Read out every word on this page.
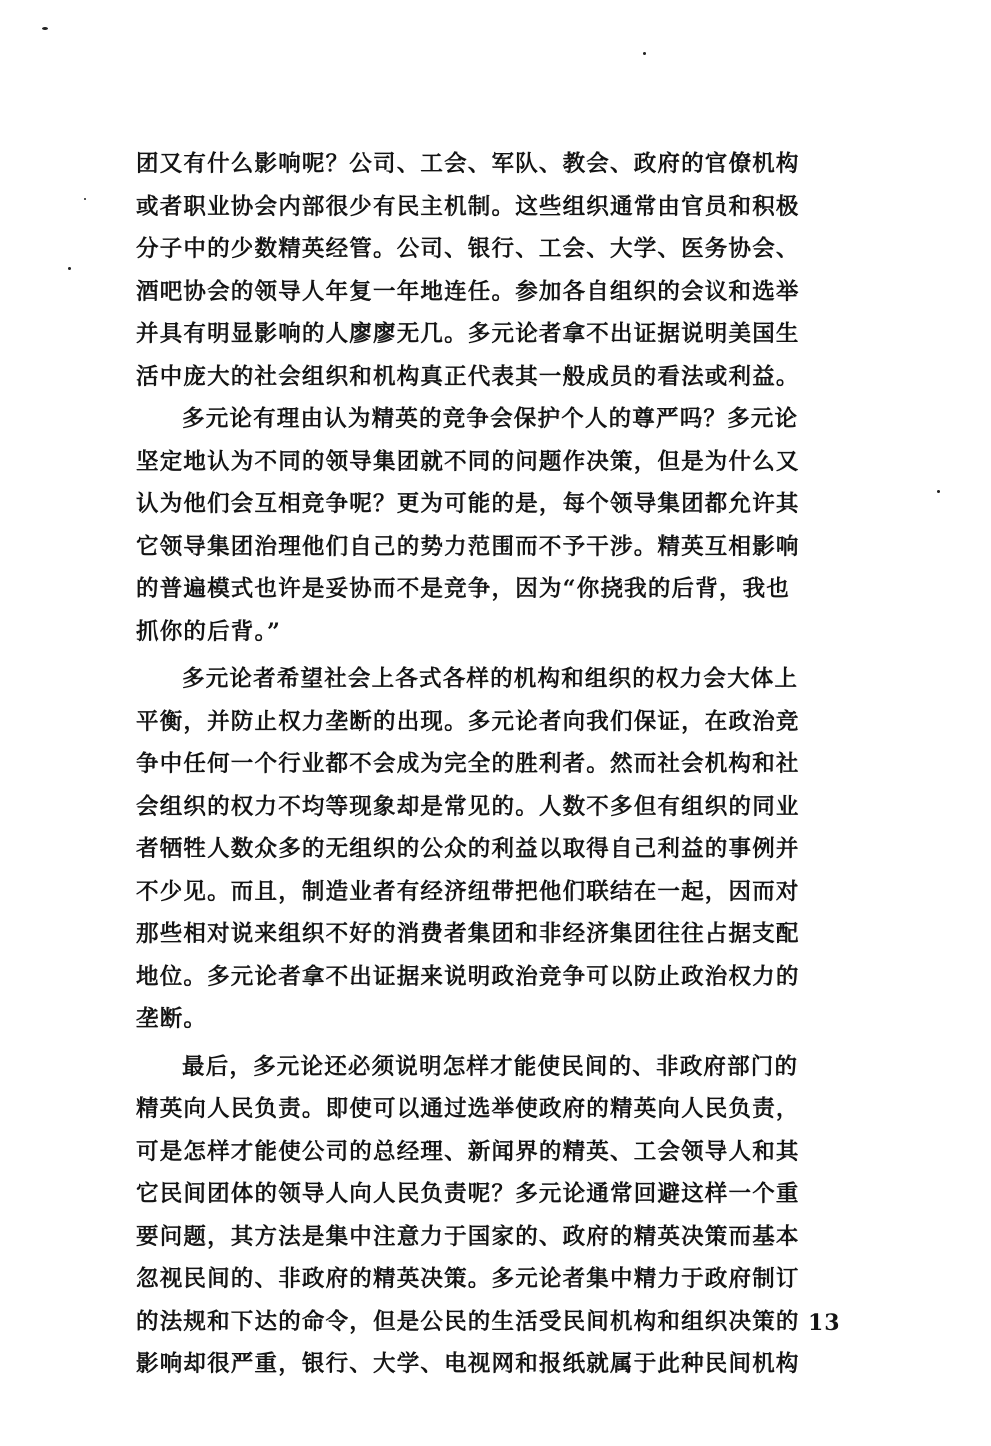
团又有什么影响呢？公司、工会、军队、教会、政府的官僚机构
或者职业协会内部很少有民主机制。这些组织通常由官员和积极
分子中的少数精英经管。公司、银行、工会、大学、医务协会、
酒吧协会的领导人年复一年地连任。参加各自组织的会议和选举
并具有明显影响的人廖廖无几。多元论者拿不出证据说明美国生
活中庞大的社会组织和机构真正代表其一般成员的看法或利益。
多元论有理由认为精英的竞争会保护个人的尊严吗？多元论
坚定地认为不同的领导集团就不同的问题作决策，但是为什么又
认为他们会互相竞争呢？更为可能的是，每个领导集团都允许其
它领导集团治理他们自己的势力范围而不予干涉。精英互相影响
的普遍模式也许是妥协而不是竞争，因为“你挠我的后背，我也
抓你的后背。”
多元论者希望社会上各式各样的机构和组织的权力会大体上
平衡，并防止权力垄断的出现。多元论者向我们保证，在政治竞
争中任何一个行业都不会成为完全的胜利者。然而社会机构和社
会组织的权力不均等现象却是常见的。人数不多但有组织的同业
者牺牲人数众多的无组织的公众的利益以取得自己利益的事例并
不少见。而且，制造业者有经济纽带把他们联结在一起，因而对
那些相对说来组织不好的消费者集团和非经济集团往往占据支配
地位。多元论者拿不出证据来说明政治竞争可以防止政治权力的
垄断。
最后，多元论还必须说明怎样才能使民间的、非政府部门的
精英向人民负责。即使可以通过选举使政府的精英向人民负责，
可是怎样才能使公司的总经理、新闻界的精英、工会领导人和其
它民间团体的领导人向人民负责呢？多元论通常回避这样一个重
要问题，其方法是集中注意力于国家的、政府的精英决策而基本
忽视民间的、非政府的精英决策。多元论者集中精力于政府制订
的法规和下达的命令，但是公民的生活受民间机构和组织决策的
影响却很严重，银行、大学、电视网和报纸就属于此种民间机构
13
